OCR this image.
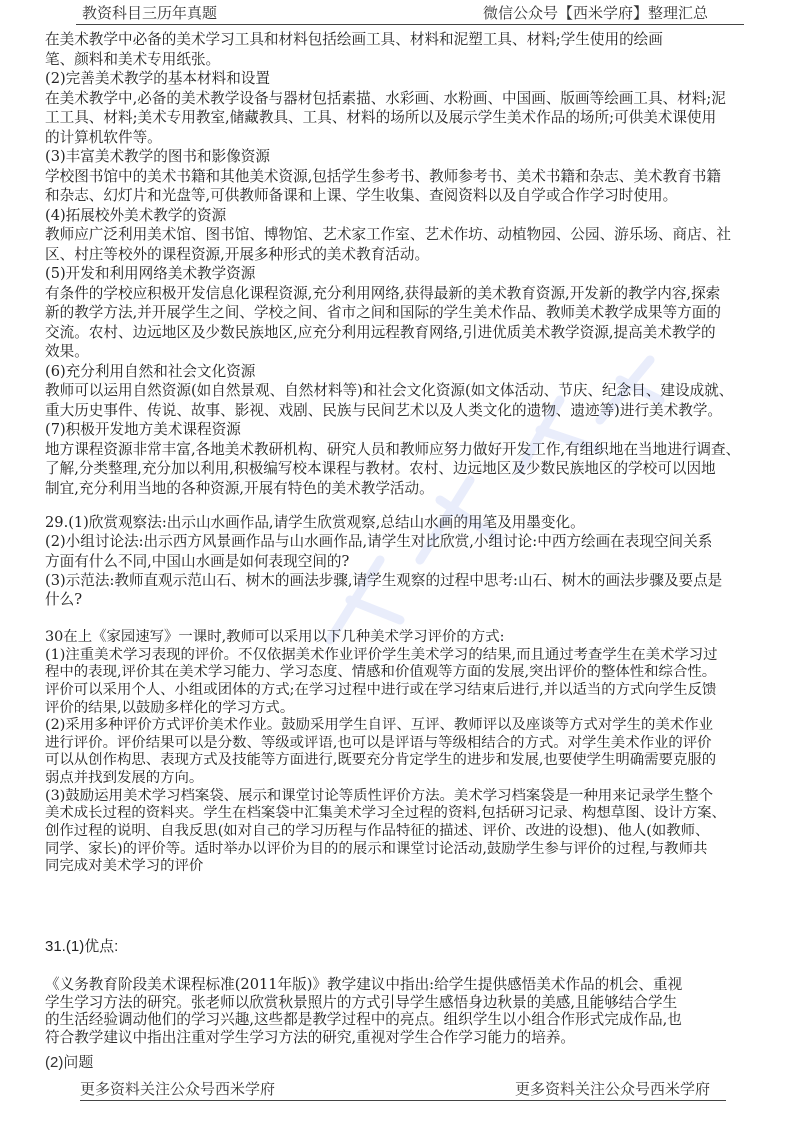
教资科目三历年真题	微信公众号【西米学府】整理汇总
在美术教学中必备的美术学习工具和材料包括绘画工具、材料和泥塑工具、材料;学生使用的绘画
笔、颜料和美术专用纸张。
(2)完善美术教学的基本材料和设置
在美术教学中,必备的美术教学设备与器材包括素描、水彩画、水粉画、中国画、版画等绘画工具、材料;泥
工工具、材料;美术专用教室,储藏教具、工具、材料的场所以及展示学生美术作品的场所;可供美术课使用
的计算机软件等。
(3)丰富美术教学的图书和影像资源
学校图书馆中的美术书籍和其他美术资源,包括学生参考书、教师参考书、美术书籍和杂志、美术教育书籍
和杂志、幻灯片和光盘等,可供教师备课和上课、学生收集、查阅资料以及自学或合作学习时使用。
(4)拓展校外美术教学的资源
教师应广泛利用美术馆、图书馆、博物馆、艺术家工作室、艺术作坊、动植物园、公园、游乐场、商店、社
区、村庄等校外的课程资源,开展多种形式的美术教育活动。
(5)开发和利用网络美术教学资源
有条件的学校应积极开发信息化课程资源,充分利用网络,获得最新的美术教育资源,开发新的教学内容,探索
新的教学方法,并开展学生之间、学校之间、省市之间和国际的学生美术作品、教师美术教学成果等方面的
交流。农村、边远地区及少数民族地区,应充分利用远程教育网络,引进优质美术教学资源,提高美术教学的
效果。
(6)充分利用自然和社会文化资源
教师可以运用自然资源(如自然景观、自然材料等)和社会文化资源(如文体活动、节庆、纪念日、建设成就、
重大历史事件、传说、故事、影视、戏剧、民族与民间艺术以及人类文化的遗物、遗迹等)进行美术教学。
(7)积极开发地方美术课程资源
地方课程资源非常丰富,各地美术教研机构、研究人员和教师应努力做好开发工作,有组织地在当地进行调查、
了解,分类整理,充分加以利用,积极编写校本课程与教材。农村、边远地区及少数民族地区的学校可以因地
制宜,充分利用当地的各种资源,开展有特色的美术教学活动。
29.(1)欣赏观察法:出示山水画作品,请学生欣赏观察,总结山水画的用笔及用墨变化。
(2)小组讨论法:出示西方风景画作品与山水画作品,请学生对比欣赏,小组讨论:中西方绘画在表现空间关系
方面有什么不同,中国山水画是如何表现空间的?
(3)示范法:教师直观示范山石、树木的画法步骤,请学生观察的过程中思考:山石、树木的画法步骤及要点是
什么?
30在上《家园速写》一课时,教师可以采用以下几种美术学习评价的方式:
(1)注重美术学习表现的评价。不仅依据美术作业评价学生美术学习的结果,而且通过考查学生在美术学习过
程中的表现,评价其在美术学习能力、学习态度、情感和价值观等方面的发展,突出评价的整体性和综合性。
评价可以采用个人、小组或团体的方式;在学习过程中进行或在学习结束后进行,并以适当的方式向学生反馈
评价的结果,以鼓励多样化的学习方式。
(2)采用多种评价方式评价美术作业。鼓励采用学生自评、互评、教师评以及座谈等方式对学生的美术作业
进行评价。评价结果可以是分数、等级或评语,也可以是评语与等级相结合的方式。对学生美术作业的评价
可以从创作构思、表现方式及技能等方面进行,既要充分肯定学生的进步和发展,也要使学生明确需要克服的
弱点并找到发展的方向。
(3)鼓励运用美术学习档案袋、展示和课堂讨论等质性评价方法。美术学习档案袋是一种用来记录学生整个
美术成长过程的资料夹。学生在档案袋中汇集美术学习全过程的资料,包括研习记录、构想草图、设计方案、
创作过程的说明、自我反思(如对自己的学习历程与作品特征的描述、评价、改进的设想)、他人(如教师、
同学、家长)的评价等。适时举办以评价为目的的展示和课堂讨论活动,鼓励学生参与评价的过程,与教师共
同完成对美术学习的评价
31.(1)优点:
《义务教育阶段美术课程标准(2011年版)》教学建议中指出:给学生提供感悟美术作品的机会、重视
学生学习方法的研究。张老师以欣赏秋景照片的方式引导学生感悟身边秋景的美感,且能够结合学生
的生活经验调动他们的学习兴趣,这些都是教学过程中的亮点。组织学生以小组合作形式完成作品,也
符合教学建议中指出注重对学生学习方法的研究,重视对学生合作学习能力的培养。
(2)问题
更多资料关注公众号西米学府	更多资料关注公众号西米学府
